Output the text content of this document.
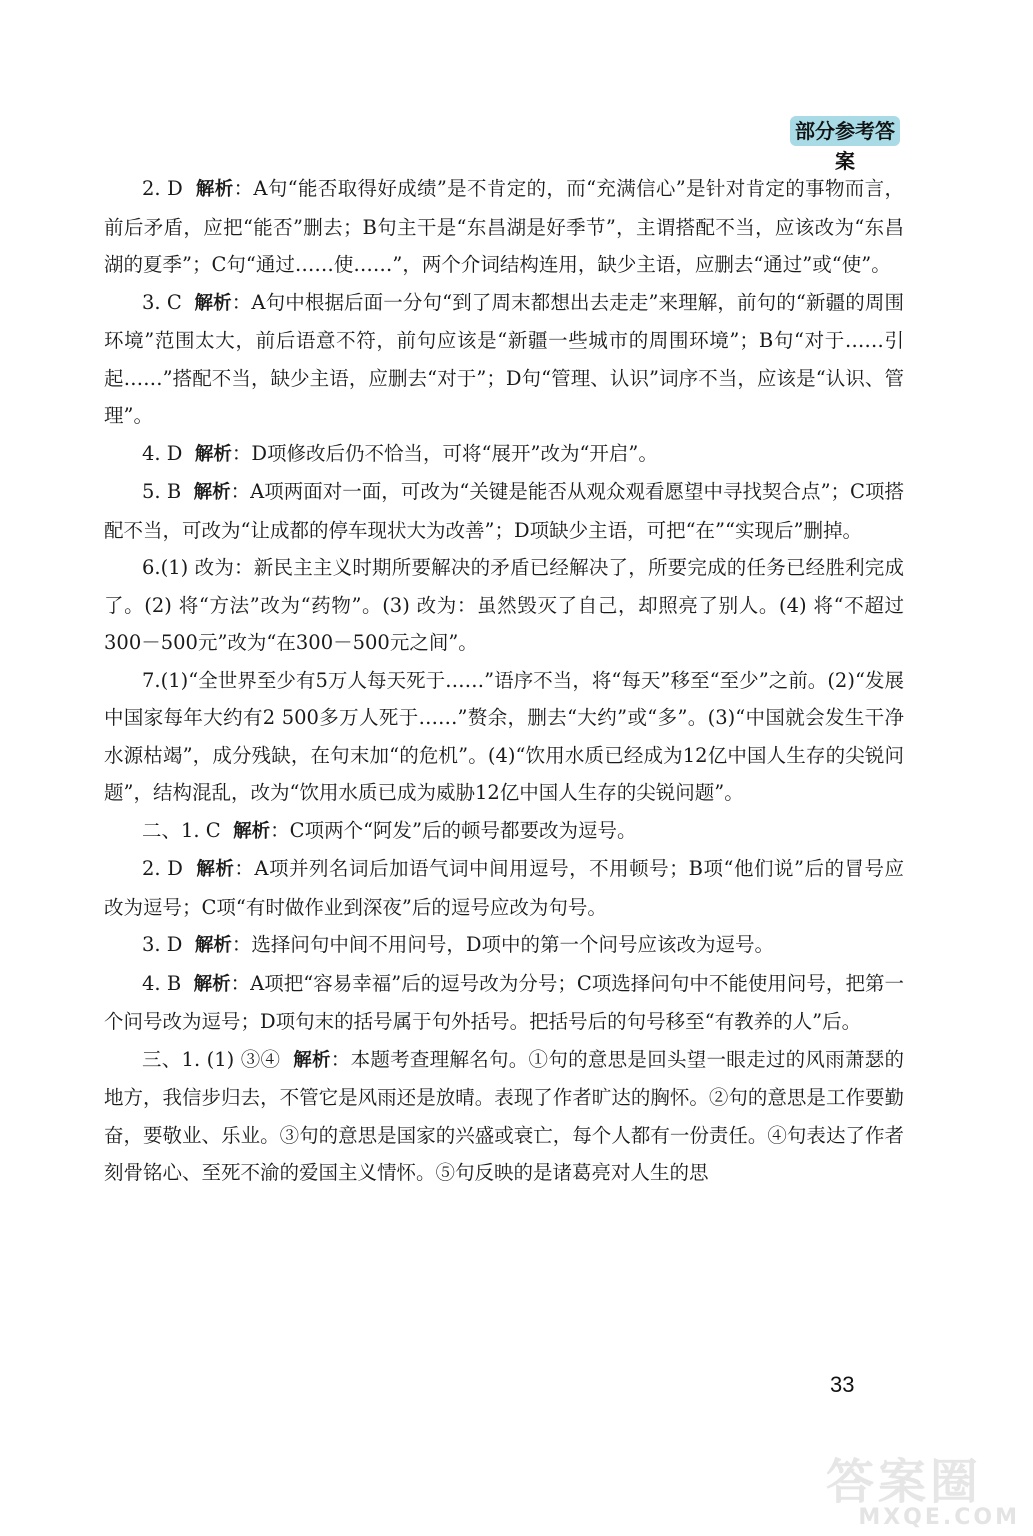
部分参考答案

2. D 解析：A句“能否取得好成绩”是不肯定的，而“充满信心”是针对肯定的事物而言，前后矛盾，应把“能否”删去；B句主干是“东昌湖是好季节”，主谓搭配不当，应该改为“东昌湖的夏季”；C句“通过……使……”，两个介词结构连用，缺少主语，应删去“通过”或“使”。

3. C 解析：A句中根据后面一分句“到了周末都想出去走走”来理解，前句的“新疆的周围环境”范围太大，前后语意不符，前句应该是“新疆一些城市的周围环境”；B句“对于……引起……”搭配不当，缺少主语，应删去“对于”；D句“管理、认识”词序不当，应该是“认识、管理”。

4. D 解析：D项修改后仍不恰当，可将“展开”改为“开启”。

5. B 解析：A项两面对一面，可改为“关键是能否从观众观看愿望中寻找契合点”；C项搭配不当，可改为“让成都的停车现状大为改善”；D项缺少主语，可把“在”“实现后”删掉。

6.(1) 改为：新民主主义时期所要解决的矛盾已经解决了，所要完成的任务已经胜利完成了。(2) 将“方法”改为“药物”。(3) 改为：虽然毁灭了自己，却照亮了别人。(4) 将“不超过300－500元”改为“在300－500元之间”。

7.(1)“全世界至少有5万人每天死于……”语序不当，将“每天”移至“至少”之前。(2)“发展中国家每年大约有2 500多万人死于……”赘余，删去“大约”或“多”。(3)“中国就会发生干净水源枯竭”，成分残缺，在句末加“的危机”。(4)“饮用水质已经成为12亿中国人生存的尖锐问题”，结构混乱，改为“饮用水质已成为威胁12亿中国人生存的尖锐问题”。

二、1. C 解析：C项两个“阿发”后的顿号都要改为逗号。

2. D 解析：A项并列名词后加语气词中间用逗号，不用顿号；B项“他们说”后的冒号应改为逗号；C项“有时做作业到深夜”后的逗号应改为句号。

3. D 解析：选择问句中间不用问号，D项中的第一个问号应该改为逗号。

4. B 解析：A项把“容易幸福”后的逗号改为分号；C项选择问句中不能使用问号，把第一个问号改为逗号；D项句末的括号属于句外括号。把括号后的句号移至“有教养的人”后。

三、1. (1) ③④ 解析：本题考查理解名句。①句的意思是回头望一眼走过的风雨萧瑟的地方，我信步归去，不管它是风雨还是放晴。表现了作者旷达的胸怀。②句的意思是工作要勤奋，要敬业、乐业。③句的意思是国家的兴盛或衰亡，每个人都有一份责任。④句表达了作者刻骨铭心、至死不渝的爱国主义情怀。⑤句反映的是诸葛亮对人生的思

33
答案圈
MXQE.COM
